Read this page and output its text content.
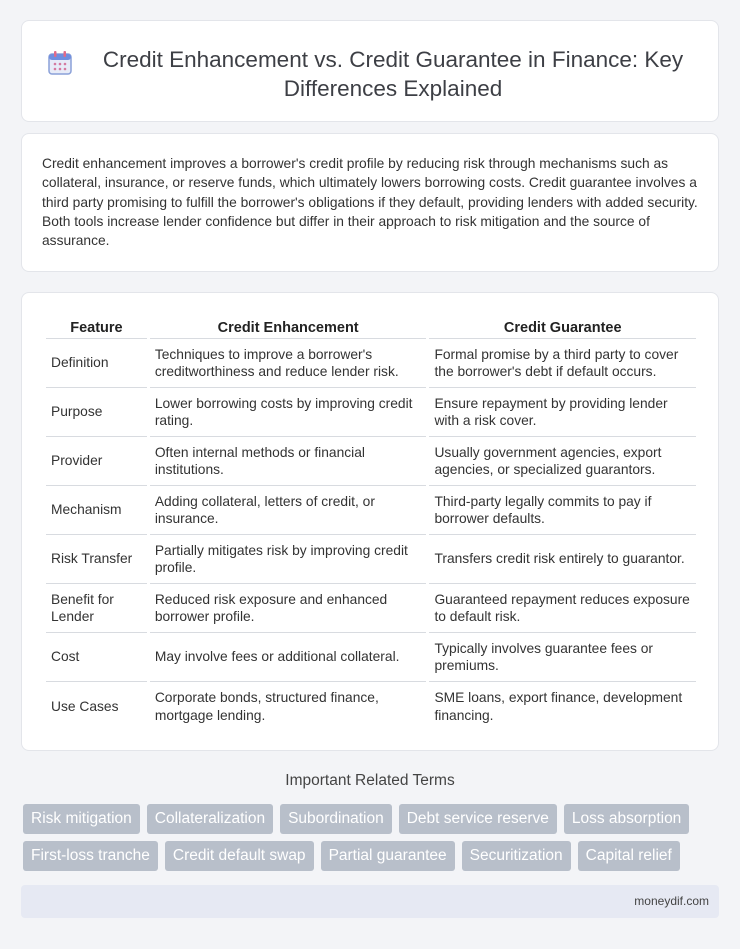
Credit Enhancement vs. Credit Guarantee in Finance: Key Differences Explained

Credit enhancement improves a borrower's credit profile by reducing risk through mechanisms such as collateral, insurance, or reserve funds, which ultimately lowers borrowing costs. Credit guarantee involves a third party promising to fulfill the borrower's obligations if they default, providing lenders with added security. Both tools increase lender confidence but differ in their approach to risk mitigation and the source of assurance.

Feature	Credit Enhancement	Credit Guarantee
Definition	Techniques to improve a borrower's creditworthiness and reduce lender risk.	Formal promise by a third party to cover the borrower's debt if default occurs.
Purpose	Lower borrowing costs by improving credit rating.	Ensure repayment by providing lender with a risk cover.
Provider	Often internal methods or financial institutions.	Usually government agencies, export agencies, or specialized guarantors.
Mechanism	Adding collateral, letters of credit, or insurance.	Third-party legally commits to pay if borrower defaults.
Risk Transfer	Partially mitigates risk by improving credit profile.	Transfers credit risk entirely to guarantor.
Benefit for Lender	Reduced risk exposure and enhanced borrower profile.	Guaranteed repayment reduces exposure to default risk.
Cost	May involve fees or additional collateral.	Typically involves guarantee fees or premiums.
Use Cases	Corporate bonds, structured finance, mortgage lending.	SME loans, export finance, development financing.
Important Related Terms
Risk mitigation	Collateralization	Subordination	Debt service reserve	Loss absorption
First-loss tranche	Credit default swap	Partial guarantee	Securitization	Capital relief
moneydif.com
